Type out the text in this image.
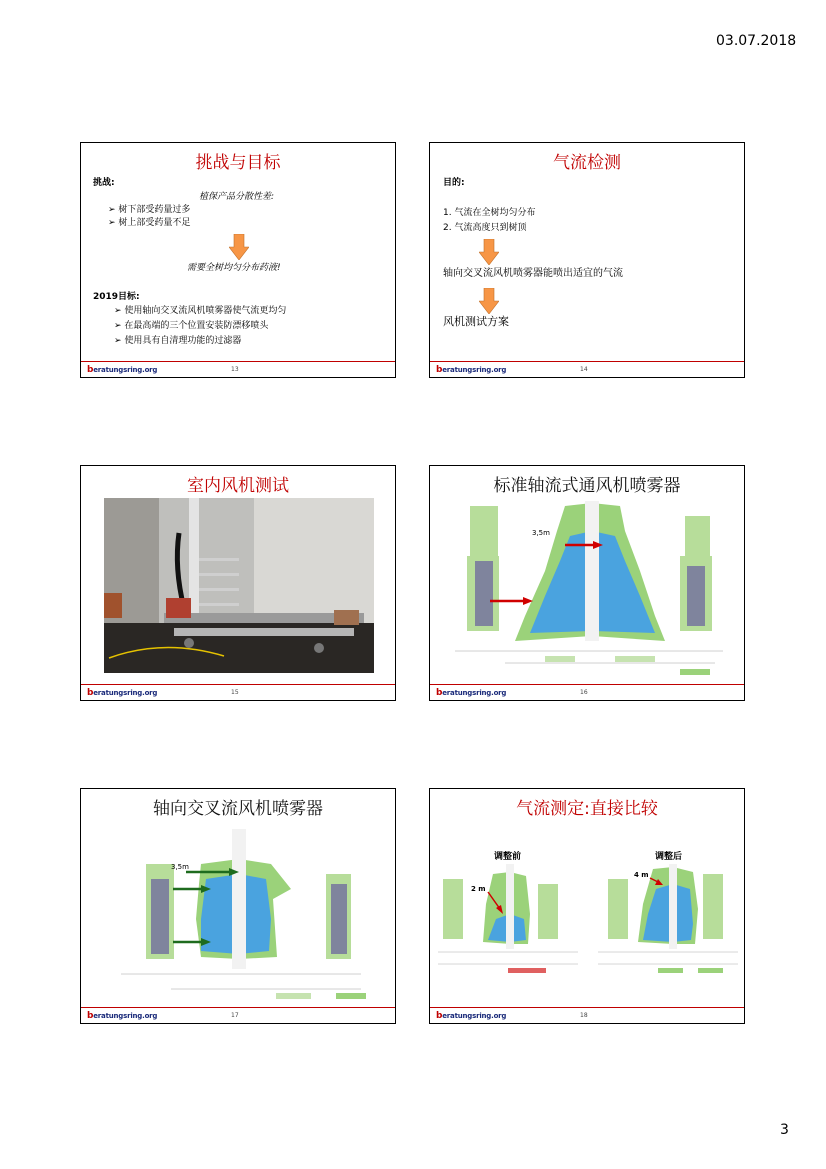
03.07.2018
挑战与目标
挑战:
植保产品分散性差:
➢ 树下部受药量过多
➢ 树上部受药量不足
需要全树均匀分布药液!
2019目标:
➢ 使用轴向交叉流风机喷雾器使气流更均匀
➢ 在最高端的三个位置安装防漂移喷头
➢ 使用具有自清理功能的过滤器
beratungsring.org	13
气流检测
目的:
1. 气流在全树均匀分布
2. 气流高度只到树顶
轴向交叉流风机喷雾器能喷出适宜的气流
风机测试方案
beratungsring.org	14
室内风机测试
beratungsring.org	15
标准轴流式通风机喷雾器
3,5m
beratungsring.org	16
轴向交叉流风机喷雾器
3,5m
beratungsring.org	17
气流测定:直接比较
调整前	调整后
2 m
4 m
beratungsring.org	18
3
